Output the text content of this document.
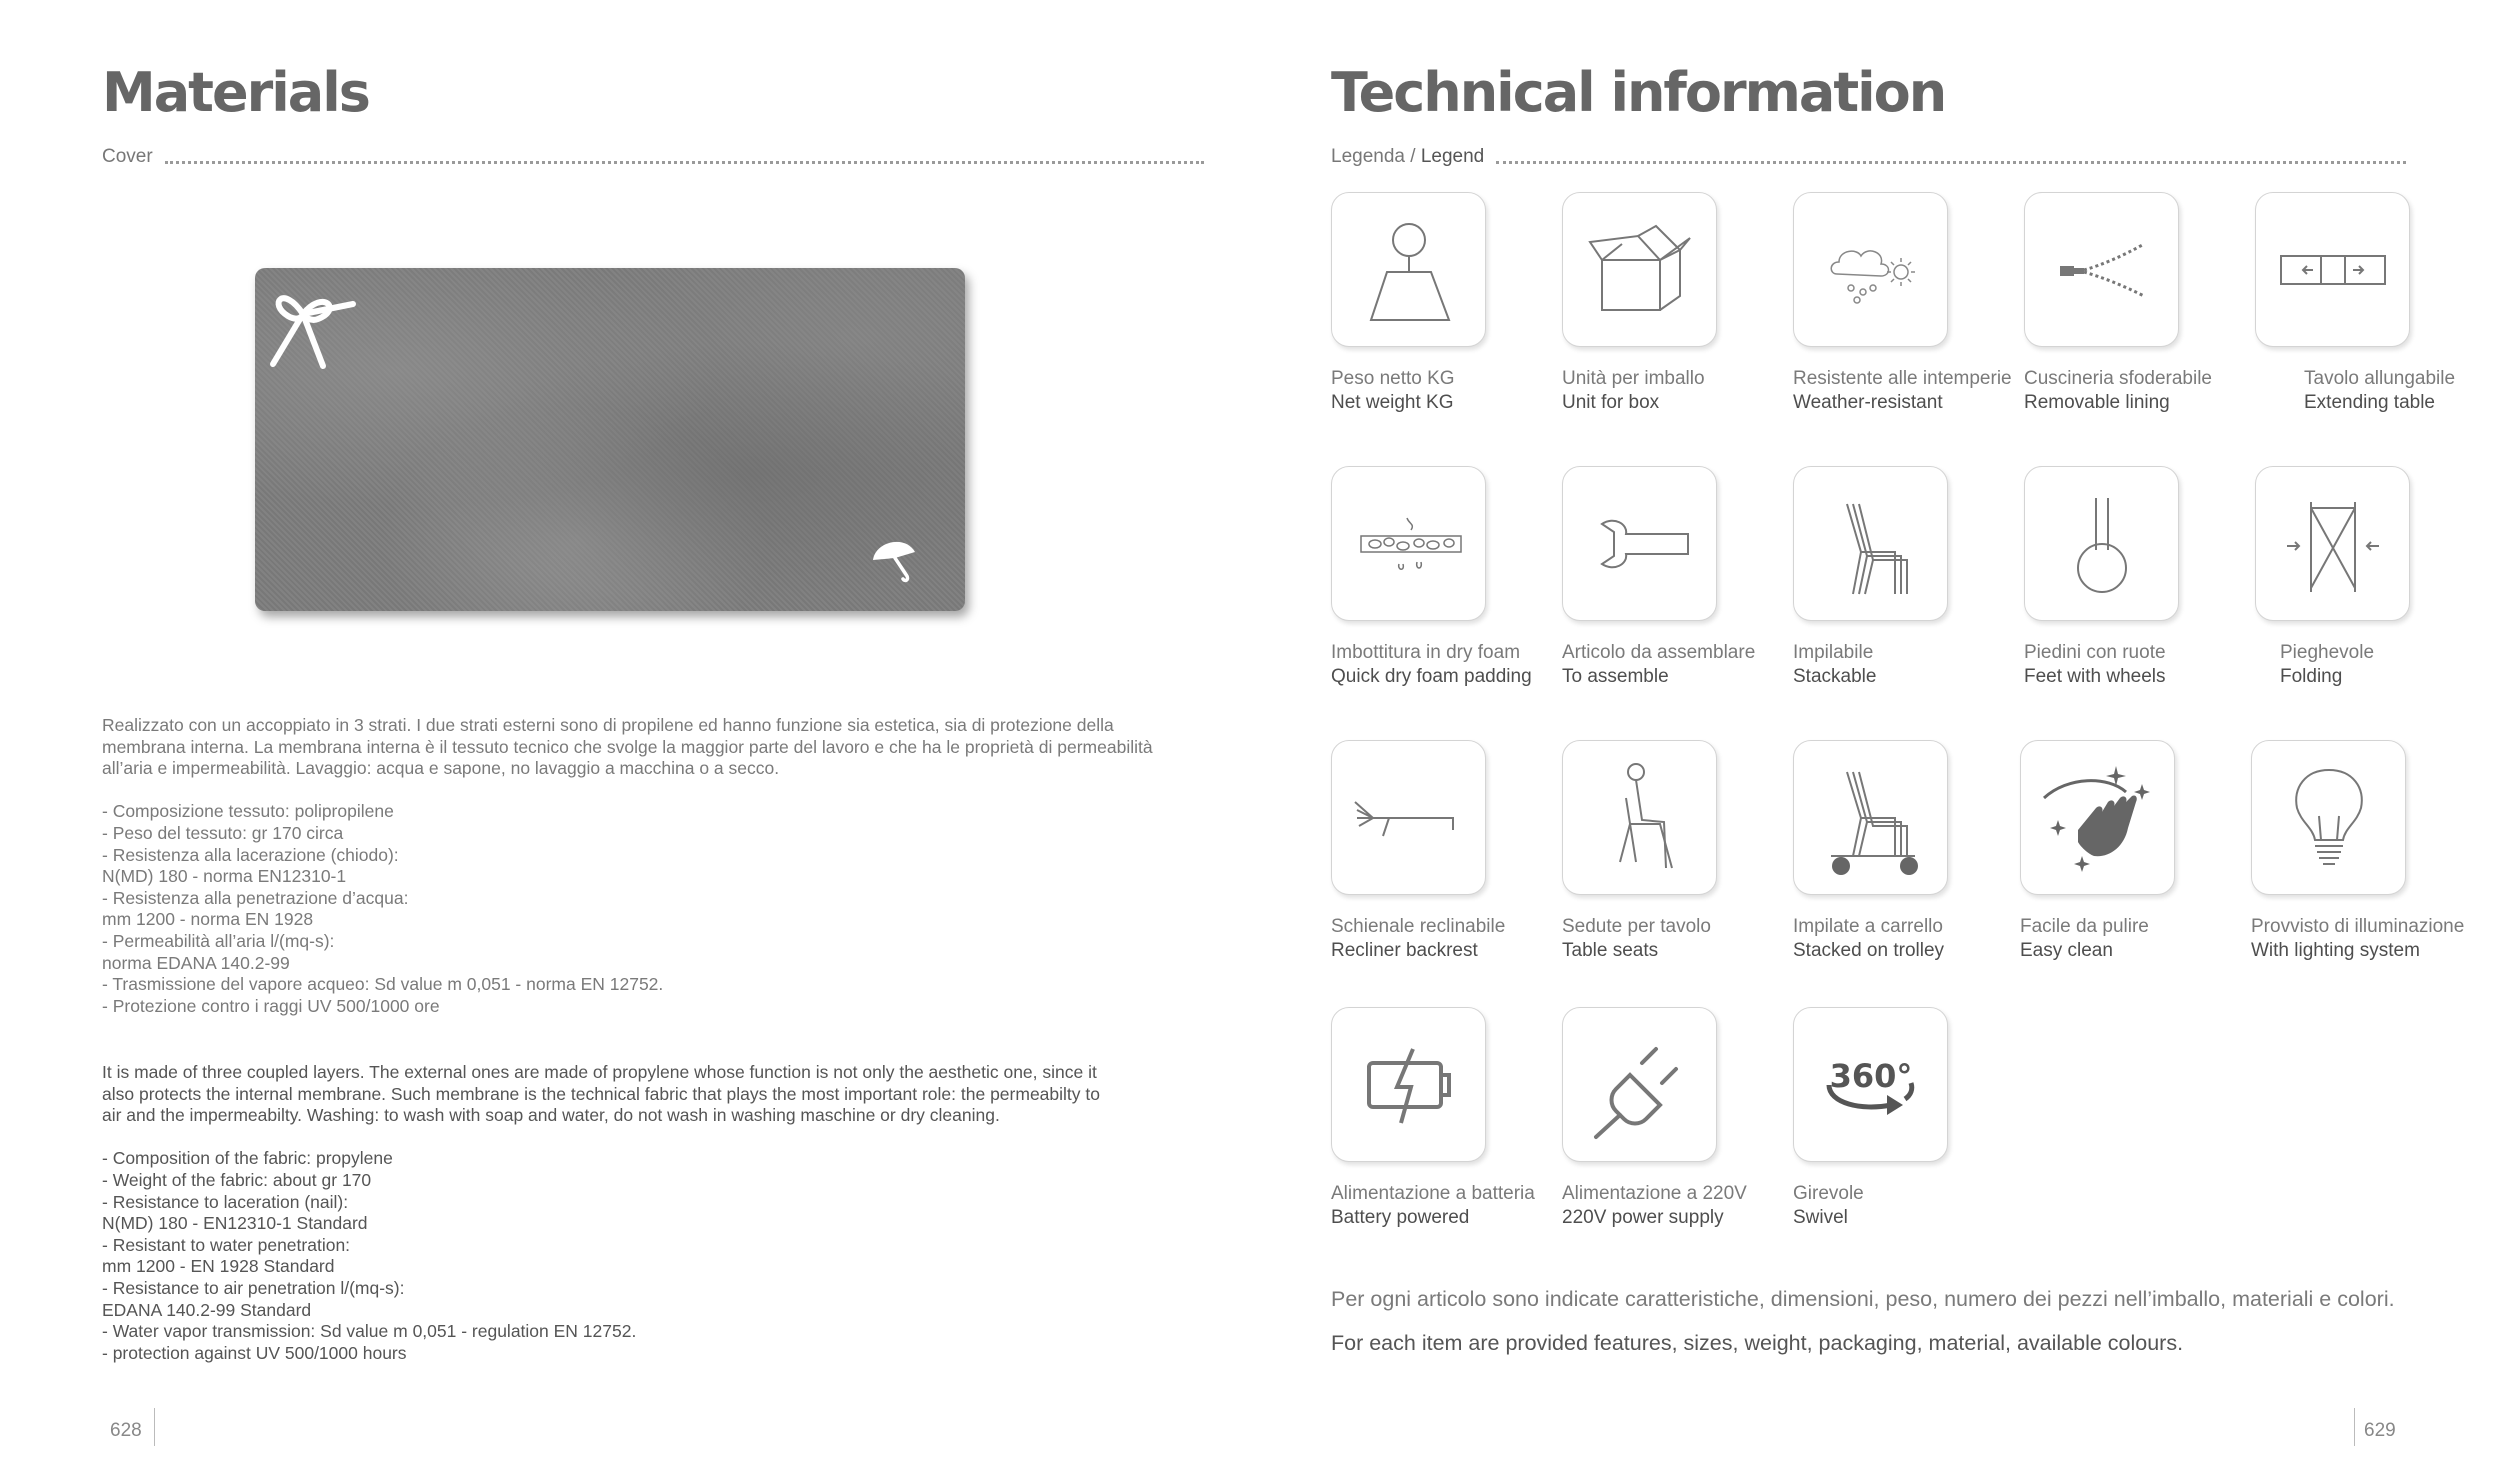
Materials
Cover

Realizzato con un accoppiato in 3 strati. I due strati esterni sono di propilene ed hanno funzione sia estetica, sia di protezione della
membrana interna. La membrana interna è il tessuto tecnico che svolge la maggior parte del lavoro e che ha le proprietà di permeabilità
all’aria e impermeabilità. Lavaggio: acqua e sapone, no lavaggio a macchina o a secco.

- Composizione tessuto: polipropilene
- Peso del tessuto: gr 170 circa
- Resistenza alla lacerazione (chiodo):
N(MD) 180 - norma EN12310-1
- Resistenza alla penetrazione d’acqua:
mm 1200 - norma EN 1928
- Permeabilità all’aria l/(mq-s):
norma EDANA 140.2-99
- Trasmissione del vapore acqueo: Sd value m 0,051 - norma EN 12752.
- Protezione contro i raggi UV 500/1000 ore

It is made of three coupled layers. The external ones are made of propylene whose function is not only the aesthetic one, since it
also protects the internal membrane. Such membrane is the technical fabric that plays the most important role: the permeabilty to
air and the impermeabilty. Washing: to wash with soap and water, do not wash in washing maschine or dry cleaning.

- Composition of the fabric: propylene
- Weight of the fabric: about gr 170
- Resistance to laceration (nail):
N(MD) 180 - EN12310-1 Standard
- Resistant to water penetration:
mm 1200 - EN 1928 Standard
- Resistance to air penetration l/(mq-s):
EDANA 140.2-99 Standard
- Water vapor transmission: Sd value m 0,051 - regulation EN 12752.
- protection against UV 500/1000 hours

628
Technical information
Legenda /
Legend
Peso netto KG
Net weight KG
Unità per imballo
Unit for box
Resistente alle intemperie
Weather-resistant
Cuscineria sfoderabile
Removable lining
Tavolo allungabile
Extending table
Imbottitura in dry foam
Quick dry foam padding
Articolo da assemblare
To assemble
Impilabile
Stackable
Piedini con ruote
Feet with wheels
Pieghevole
Folding
Schienale reclinabile
Recliner backrest
Sedute per tavolo
Table seats
Impilate a carrello
Stacked on trolley
Facile da pulire
Easy clean
Provvisto di illuminazione
With lighting system
Alimentazione a batteria
Battery powered
Alimentazione a 220V
220V power supply
360°
Girevole
Swivel
Per ogni articolo sono indicate caratteristiche, dimensioni, peso, numero dei pezzi nell’imballo, materiali e colori.
For each item are provided features, sizes, weight, packaging, material, available colours.
629
